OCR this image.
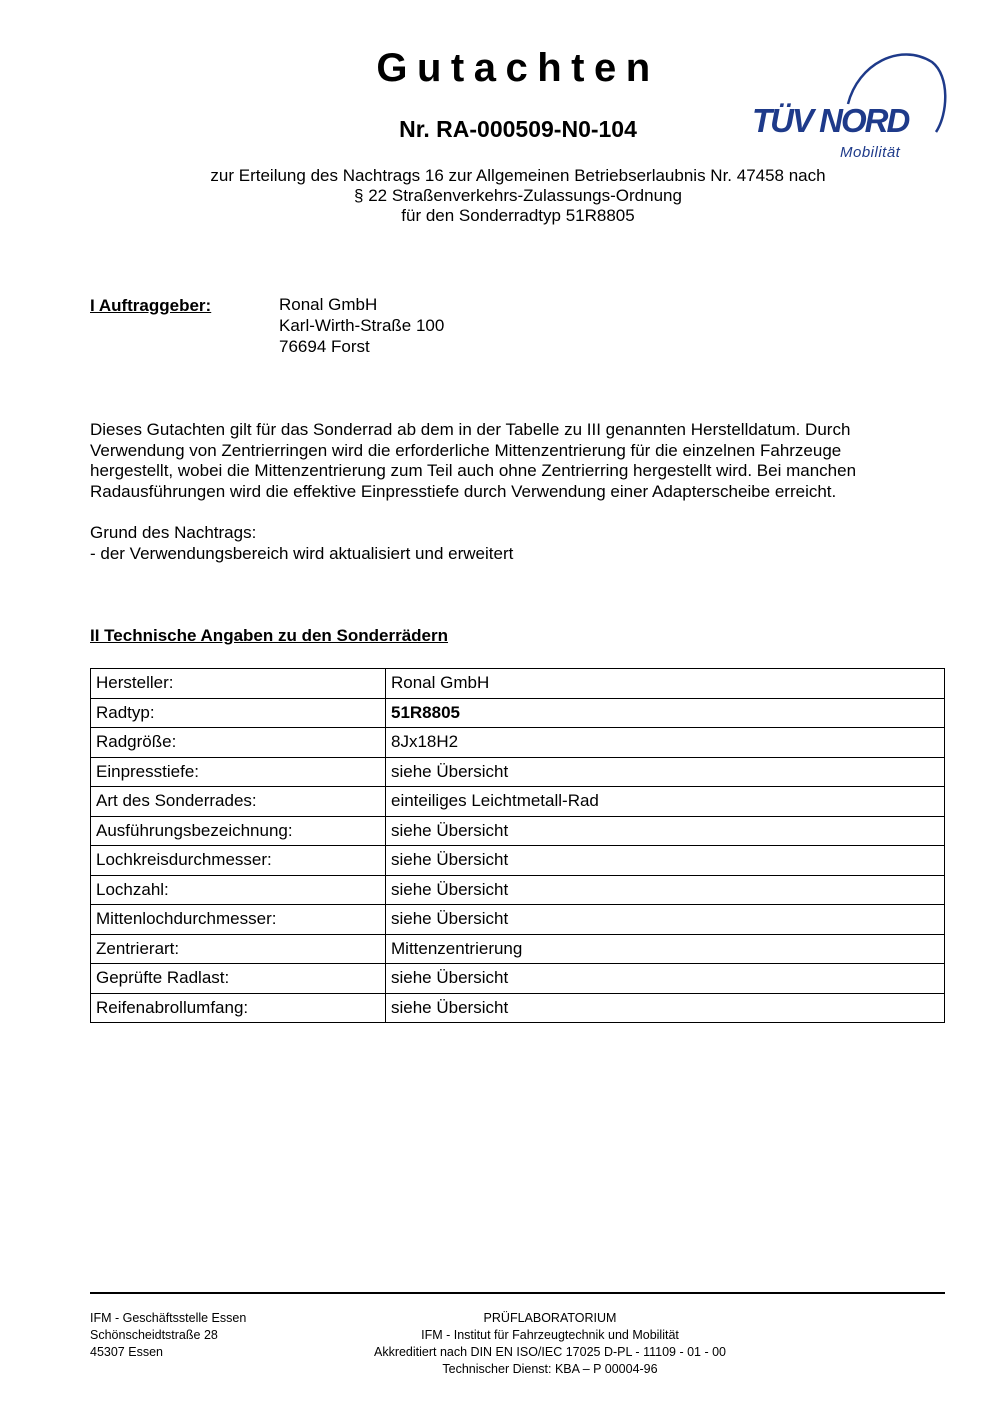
Gutachten
Nr. RA-000509-N0-104
zur Erteilung des Nachtrags 16 zur Allgemeinen Betriebserlaubnis Nr. 47458 nach
§ 22 Straßenverkehrs-Zulassungs-Ordnung
für den Sonderradtyp 51R8805
TÜV NORD
Mobilität
I Auftraggeber:	Ronal GmbH
Karl-Wirth-Straße 100
76694 Forst
Dieses Gutachten gilt für das Sonderrad ab dem in der Tabelle zu III genannten Herstelldatum. Durch
Verwendung von Zentrierringen wird die erforderliche Mittenzentrierung für die einzelnen Fahrzeuge
hergestellt, wobei die Mittenzentrierung zum Teil auch ohne Zentrierring hergestellt wird. Bei manchen
Radausführungen wird die effektive Einpresstiefe durch Verwendung einer Adapterscheibe erreicht.
Grund des Nachtrags:
- der Verwendungsbereich wird aktualisiert und erweitert
II Technische Angaben zu den Sonderrädern
Hersteller:	Ronal GmbH
Radtyp:	51R8805
Radgröße:	8Jx18H2
Einpresstiefe:	siehe Übersicht
Art des Sonderrades:	einteiliges Leichtmetall-Rad
Ausführungsbezeichnung:	siehe Übersicht
Lochkreisdurchmesser:	siehe Übersicht
Lochzahl:	siehe Übersicht
Mittenlochdurchmesser:	siehe Übersicht
Zentrierart:	Mittenzentrierung
Geprüfte Radlast:	siehe Übersicht
Reifenabrollumfang:	siehe Übersicht
IFM - Geschäftsstelle Essen
Schönscheidtstraße 28
45307 Essen
PRÜFLABORATORIUM
IFM - Institut für Fahrzeugtechnik und Mobilität
Akkreditiert nach DIN EN ISO/IEC 17025 D-PL - 11109 - 01 - 00
Technischer Dienst: KBA – P 00004-96
